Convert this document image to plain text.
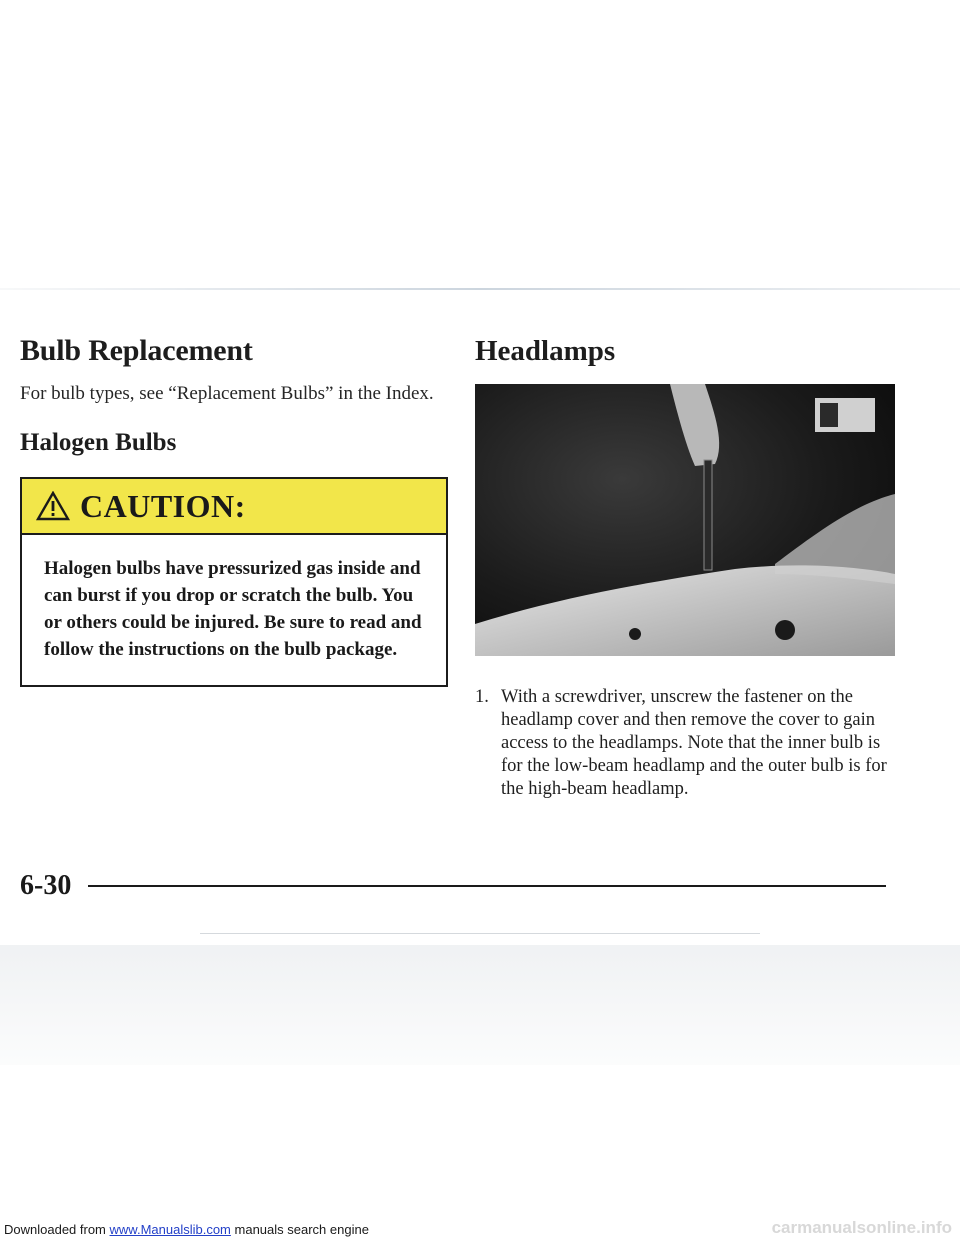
Bulb Replacement

For bulb types, see “Replacement Bulbs” in the Index.

Halogen Bulbs
CAUTION:
Halogen bulbs have pressurized gas inside and can burst if you drop or scratch the bulb. You or others could be injured. Be sure to read and follow the instructions on the bulb package.
Headlamps
1. With a screwdriver, unscrew the fastener on the headlamp cover and then remove the cover to gain access to the headlamps. Note that the inner bulb is for the low-beam headlamp and the outer bulb is for the high-beam headlamp.
6-30
Downloaded from www.Manualslib.com manuals search engine	carmanualsonline.info
